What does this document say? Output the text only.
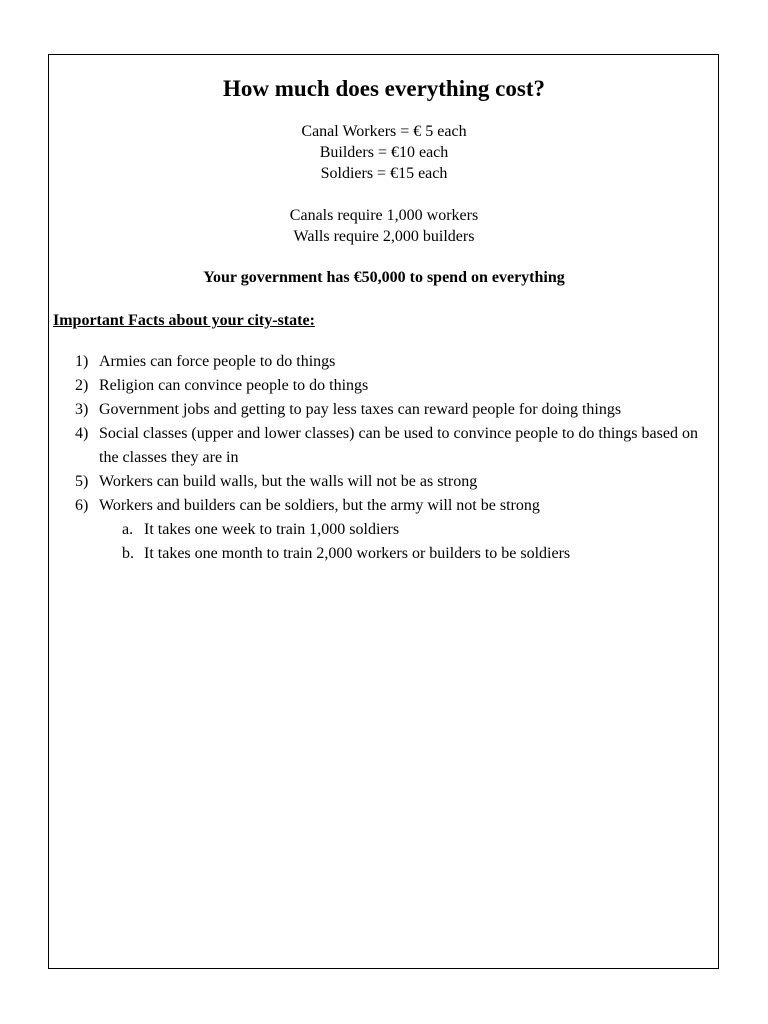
How much does everything cost?
Canal Workers = € 5 each
Builders = €10 each
Soldiers = €15 each
Canals require 1,000 workers
Walls require 2,000 builders
Your government has €50,000 to spend on everything
Important Facts about your city-state:
1) Armies can force people to do things
2) Religion can convince people to do things
3) Government jobs and getting to pay less taxes can reward people for doing things
4) Social classes (upper and lower classes) can be used to convince people to do things based on the classes they are in
5) Workers can build walls, but the walls will not be as strong
6) Workers and builders can be soldiers, but the army will not be strong
a. It takes one week to train 1,000 soldiers
b. It takes one month to train 2,000 workers or builders to be soldiers
